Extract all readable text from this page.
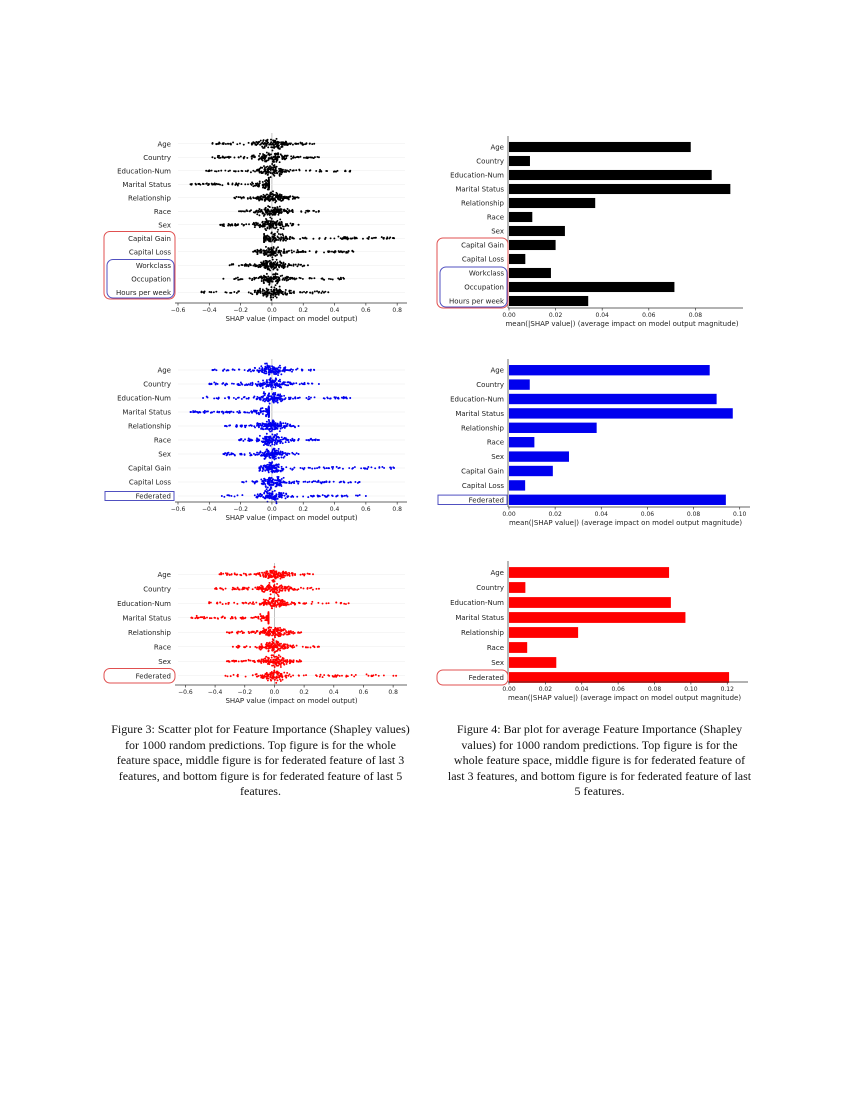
Age
Country
Education-Num
Marital Status
Relationship
Race
Sex
Capital Gain
Capital Loss
Workclass
Occupation
Hours per week
−0.6	−0.4	−0.2	0.0	0.2	0.4	0.6	0.8
SHAP value (impact on model output)
Age
Country
Education-Num
Marital Status
Relationship
Race
Sex
Capital Gain
Capital Loss
Workclass
Occupation
Hours per week
0.00	0.02	0.04	0.06	0.08
mean(|SHAP value|) (average impact on model output magnitude)
Age
Country
Education-Num
Marital Status
Relationship
Race
Sex
Capital Gain
Capital Loss
Federated
−0.6	−0.4	−0.2	0.0	0.2	0.4	0.6	0.8
SHAP value (impact on model output)
Age
Country
Education-Num
Marital Status
Relationship
Race
Sex
Capital Gain
Capital Loss
Federated
0.00	0.02	0.04	0.06	0.08	0.10
mean(|SHAP value|) (average impact on model output magnitude)
Age
Country
Education-Num
Marital Status
Relationship
Race
Sex
Federated
−0.6	−0.4	−0.2	0.0	0.2	0.4	0.6	0.8
SHAP value (impact on model output)
Age
Country
Education-Num
Marital Status
Relationship
Race
Sex
Federated
0.00	0.02	0.04	0.06	0.08	0.10	0.12
mean(|SHAP value|) (average impact on model output magnitude)
Figure 3: Scatter plot for Feature Importance (Shapley values) for 1000 random predictions. Top figure is for the whole feature space, middle figure is for federated feature of last 3 features, and bottom figure is for federated feature of last 5 features.
Figure 4: Bar plot for average Feature Importance (Shapley values) for 1000 random predictions. Top figure is for the whole feature space, middle figure is for federated feature of last 3 features, and bottom figure is for federated feature of last 5 features.
